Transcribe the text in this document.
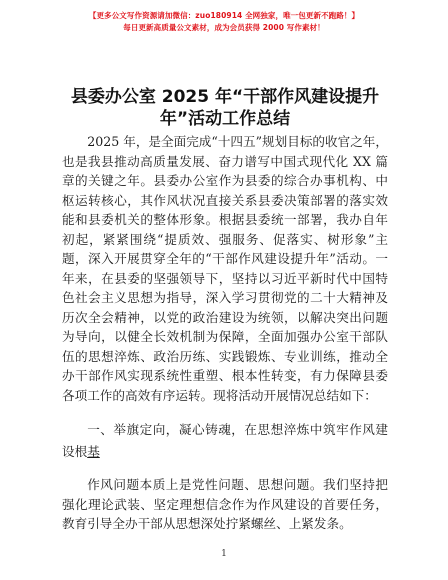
【更多公文写作资源请加微信：zuo180914 全网独家，唯一包更新不跑路！】
每日更新高质量公文素材，成为会员获得 2000 写作素材！
县委办公室 2025 年“干部作风建设提升年”活动工作总结

2025 年，是全面完成“十四五”规划目标的收官之年，也是我县推动高质量发展、奋力谱写中国式现代化 XX 篇章的关键之年。县委办公室作为县委的综合办事机构、中枢运转核心，其作风状况直接关系县委决策部署的落实效能和县委机关的整体形象。根据县委统一部署，我办自年初起，紧紧围绕“提质效、强服务、促落实、树形象”主题，深入开展贯穿全年的“干部作风建设提升年”活动。一年来，在县委的坚强领导下，坚持以习近平新时代中国特色社会主义思想为指导，深入学习贯彻党的二十大精神及历次全会精神，以党的政治建设为统领，以解决突出问题为导向，以健全长效机制为保障，全面加强办公室干部队伍的思想淬炼、政治历练、实践锻炼、专业训练，推动全办干部作风实现系统性重塑、根本性转变，有力保障县委各项工作的高效有序运转。现将活动开展情况总结如下：

一、举旗定向，凝心铸魂，在思想淬炼中筑牢作风建设根基

作风问题本质上是党性问题、思想问题。我们坚持把强化理论武装、坚定理想信念作为作风建设的首要任务，教育引导全办干部从思想深处拧紧螺丝、上紧发条。

1
